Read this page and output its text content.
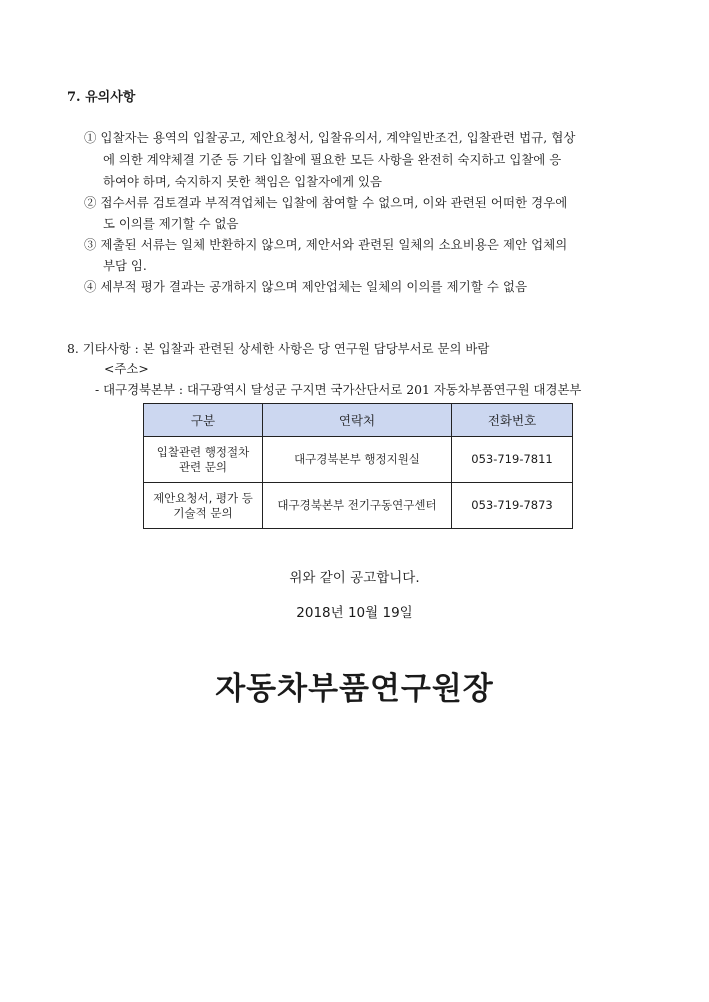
7. 유의사항
① 입찰자는 용역의 입찰공고, 제안요청서, 입찰유의서, 계약일반조건, 입찰관련 법규, 협상
에 의한 계약체결 기준 등 기타 입찰에 필요한 모든 사항을 완전히 숙지하고 입찰에 응
하여야 하며, 숙지하지 못한 책임은 입찰자에게 있음
② 접수서류 검토결과 부적격업체는 입찰에 참여할 수 없으며, 이와 관련된 어떠한 경우에
도 이의를 제기할 수 없음
③ 제출된 서류는 일체 반환하지 않으며, 제안서와 관련된 일체의 소요비용은 제안 업체의
부담 임.
④ 세부적 평가 결과는 공개하지 않으며 제안업체는 일체의 이의를 제기할 수 없음
8. 기타사항 : 본 입찰과 관련된 상세한 사항은 당 연구원 담당부서로 문의 바람
<주소>
- 대구경북본부 : 대구광역시 달성군 구지면 국가산단서로 201 자동차부품연구원 대경본부
구분	연락처	전화번호
입찰관련 행정절차
관련 문의	대구경북본부 행정지원실	053-719-7811
제안요청서, 평가 등
기술적 문의	대구경북본부 전기구동연구센터	053-719-7873
위와 같이 공고합니다.
2018년 10월 19일
자동차부품연구원장
